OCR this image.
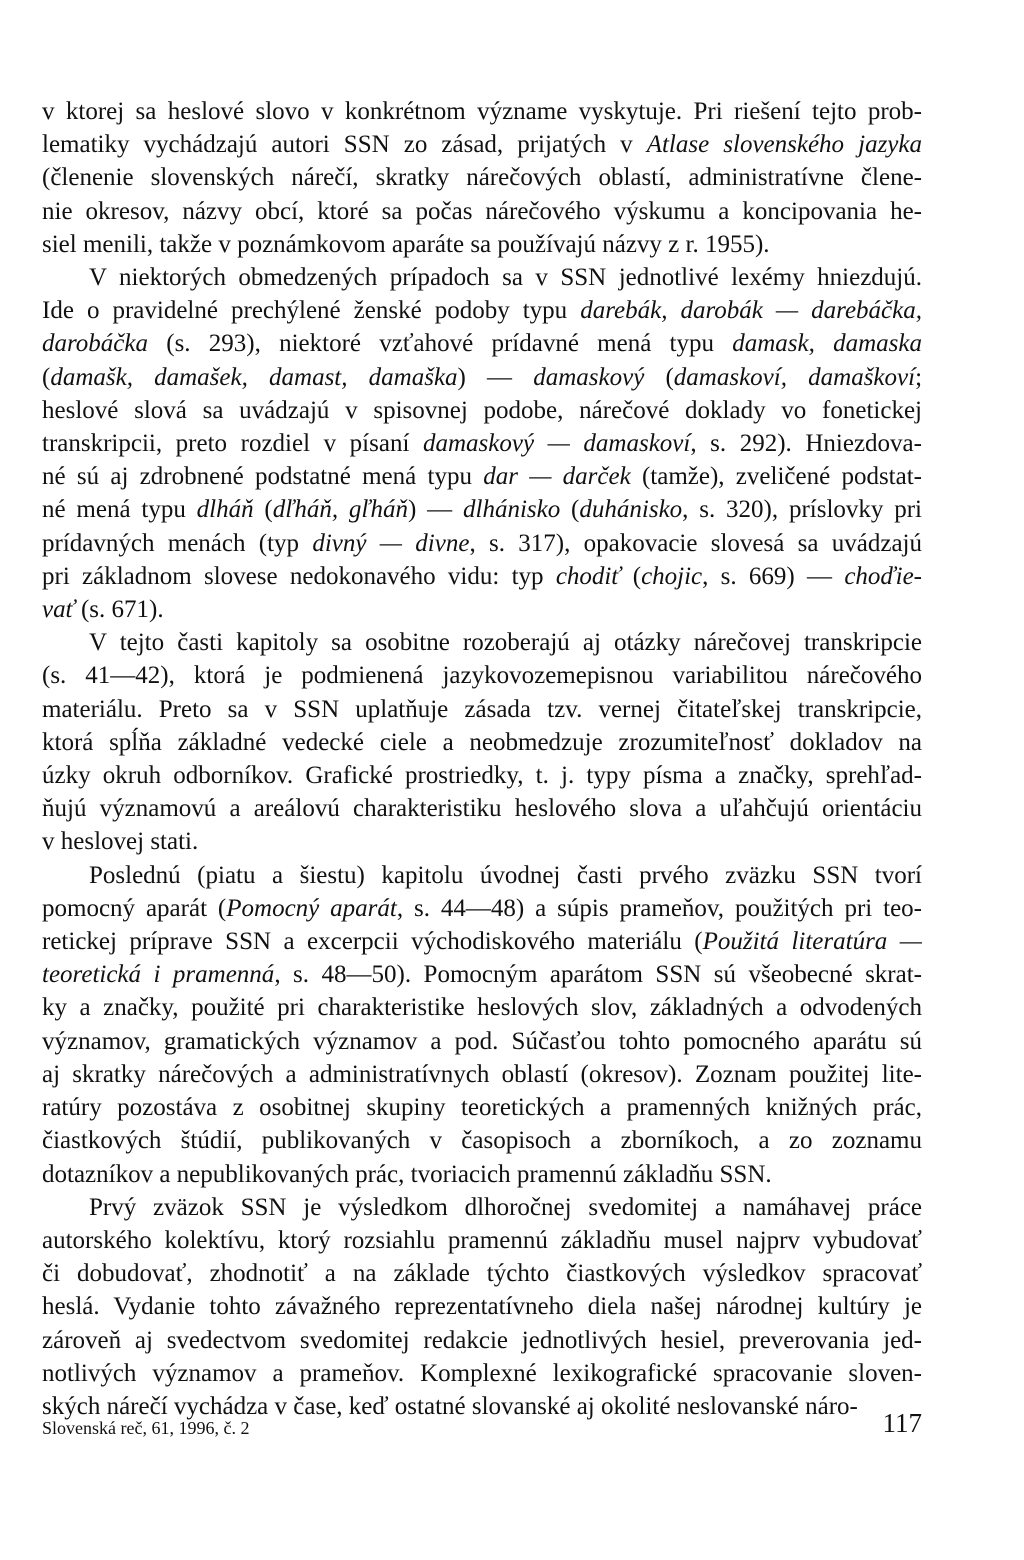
v ktorej sa heslové slovo v konkrétnom význame vyskytuje. Pri riešení tejto prob-
lematiky vychádzajú autori SSN zo zásad, prijatých v Atlase slovenského jazyka
(členenie slovenských nárečí, skratky nárečových oblastí, administratívne člene-
nie okresov, názvy obcí, ktoré sa počas nárečového výskumu a koncipovania he-
siel menili, takže v poznámkovom aparáte sa používajú názvy z r. 1955).
V niektorých obmedzených prípadoch sa v SSN jednotlivé lexémy hniezdujú.
Ide o pravidelné prechýlené ženské podoby typu darebák, darobák — darebáčka,
darobáčka (s. 293), niektoré vzťahové prídavné mená typu damask, damaska
(damašk, damašek, damast, damaška) — damaskový (damaskoví, damaškoví;
heslové slová sa uvádzajú v spisovnej podobe, nárečové doklady vo fonetickej
transkripcii, preto rozdiel v písaní damaskový — damaskoví, s. 292). Hniezdova-
né sú aj zdrobnené podstatné mená typu dar — darček (tamže), zveličené podstat-
né mená typu dlháň (dľháň, gľháň) — dlhánisko (duhánisko, s. 320), príslovky pri
prídavných menách (typ divný — divne, s. 317), opakovacie slovesá sa uvádzajú
pri základnom slovese nedokonavého vidu: typ chodiť (chojic, s. 669) — choďie-
vať (s. 671).
V tejto časti kapitoly sa osobitne rozoberajú aj otázky nárečovej transkripcie
(s. 41—42), ktorá je podmienená jazykovozemepisnou variabilitou nárečového
materiálu. Preto sa v SSN uplatňuje zásada tzv. vernej čitateľskej transkripcie,
ktorá spĺňa základné vedecké ciele a neobmedzuje zrozumiteľnosť dokladov na
úzky okruh odborníkov. Grafické prostriedky, t. j. typy písma a značky, sprehľad-
ňujú významovú a areálovú charakteristiku heslového slova a uľahčujú orientáciu
v heslovej stati.
Poslednú (piatu a šiestu) kapitolu úvodnej časti prvého zväzku SSN tvorí
pomocný aparát (Pomocný aparát, s. 44—48) a súpis prameňov, použitých pri teo-
retickej príprave SSN a excerpcii východiskového materiálu (Použitá literatúra —
teoretická i pramenná, s. 48—50). Pomocným aparátom SSN sú všeobecné skrat-
ky a značky, použité pri charakteristike heslových slov, základných a odvodených
významov, gramatických významov a pod. Súčasťou tohto pomocného aparátu sú
aj skratky nárečových a administratívnych oblastí (okresov). Zoznam použitej lite-
ratúry pozostáva z osobitnej skupiny teoretických a pramenných knižných prác,
čiastkových štúdií, publikovaných v časopisoch a zborníkoch, a zo zoznamu
dotazníkov a nepublikovaných prác, tvoriacich pramennú základňu SSN.
Prvý zväzok SSN je výsledkom dlhoročnej svedomitej a namáhavej práce
autorského kolektívu, ktorý rozsiahlu pramennú základňu musel najprv vybudovať
či dobudovať, zhodnotiť a na základe týchto čiastkových výsledkov spracovať
heslá. Vydanie tohto závažného reprezentatívneho diela našej národnej kultúry je
zároveň aj svedectvom svedomitej redakcie jednotlivých hesiel, preverovania jed-
notlivých významov a prameňov. Komplexné lexikografické spracovanie sloven-
ských nárečí vychádza v čase, keď ostatné slovanské aj okolité neslovanské náro-
Slovenská reč, 61, 1996, č. 2	117
